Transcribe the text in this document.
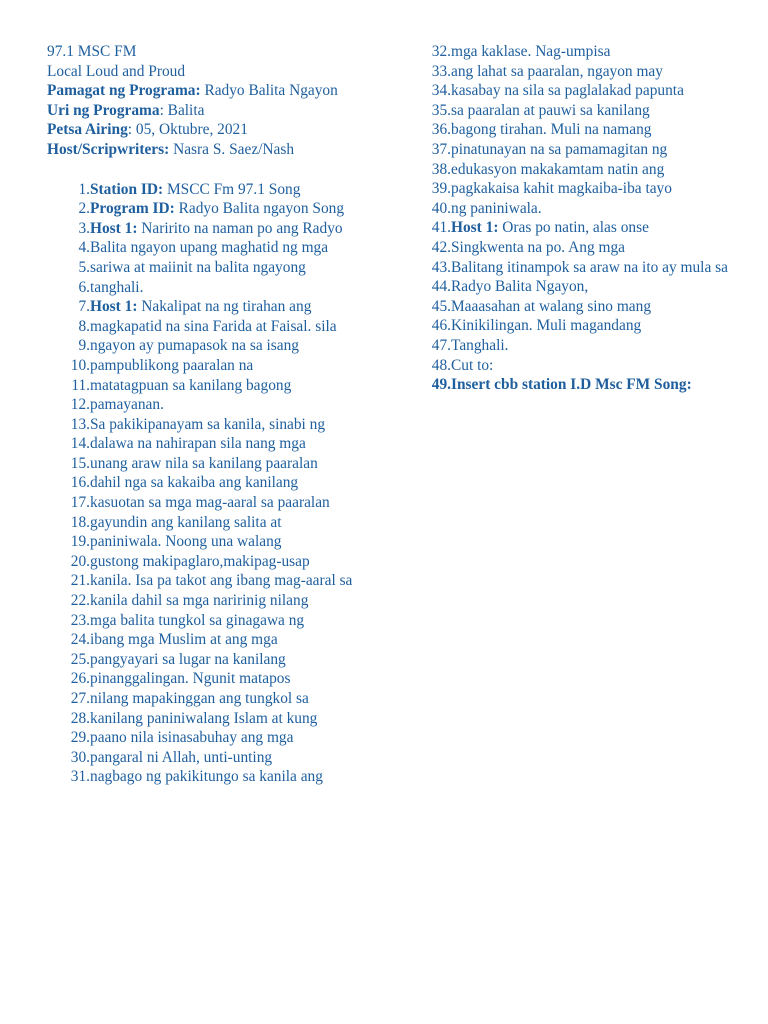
97.1 MSC FM

Local Loud and Proud

Pamagat ng Programa: Radyo Balita Ngayon

Uri ng Programa: Balita

Petsa Airing: 05, Oktubre, 2021

Host/Scripwriters: Nasra S. Saez/Nash

1. Station ID: MSCC Fm 97.1 Song
2. Program ID: Radyo Balita ngayon Song
3. Host 1: Naririto na naman po ang Radyo
4. Balita ngayon upang maghatid ng mga
5. sariwa at maiinit na balita ngayong
6. tanghali.
7. Host 1: Nakalipat na ng tirahan ang
8. magkapatid na sina Farida at Faisal. sila
9. ngayon ay pumapasok na sa isang
10. pampublikong paaralan na
11. matatagpuan sa kanilang bagong
12. pamayanan.
13. Sa pakikipanayam sa kanila, sinabi ng
14. dalawa na nahirapan sila nang mga
15. unang araw nila sa kanilang paaralan
16. dahil nga sa kakaiba ang kanilang
17. kasuotan sa mga mag-aaral sa paaralan
18. gayundin ang kanilang salita at
19. paniniwala. Noong una walang
20. gustong makipaglaro,makipag-usap
21. kanila. Isa pa takot ang ibang mag-aaral sa
22. kanila dahil sa mga naririnig nilang
23. mga balita tungkol sa ginagawa ng
24. ibang mga Muslim at ang mga
25. pangyayari sa lugar na kanilang
26. pinanggalingan. Ngunit matapos
27. nilang mapakinggan ang tungkol sa
28. kanilang paniniwalang Islam at kung
29. paano nila isinasabuhay ang mga
30. pangaral ni Allah, unti-unting
31. nagbago ng pakikitungo sa kanila ang
32. mga kaklase. Nag-umpisa
33. ang lahat sa paaralan, ngayon may
34. kasabay na sila sa paglalakad papunta
35. sa paaralan at pauwi sa kanilang
36. bagong tirahan. Muli na namang
37. pinatunayan na sa pamamagitan ng
38. edukasyon makakamtam natin ang
39. pagkakaisa kahit magkaiba-iba tayo
40. ng paniniwala.
41. Host 1: Oras po natin, alas onse
42. Singkwenta na po. Ang mga
43. Balitang itinampok sa araw na ito ay mula sa
44. Radyo Balita Ngayon,
45. Maaasahan at walang sino mang
46. Kinikilingan. Muli magandang
47. Tanghali.
48. Cut to:
49. Insert cbb station I.D Msc FM Song:
